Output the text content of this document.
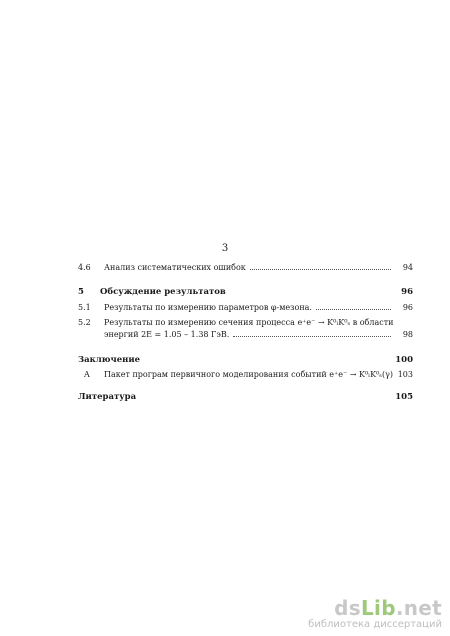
3
4.6	Анализ систематических ошибок	94
5	Обсуждение результатов	96
5.1	Результаты по измерению параметров φ-мезона.	96
5.2	Результаты по измерению сечения процесса e⁺e⁻ → K⁰ₗK⁰ₛ в области
энергий 2E = 1.05 – 1.38 ГэВ.	98
Заключение	100
A	Пакет програм первичного моделирования событий e⁺e⁻ → K⁰ₗK⁰ₛ(γ) 103
Литература	105
dsLib.net
библиотека диссертаций
